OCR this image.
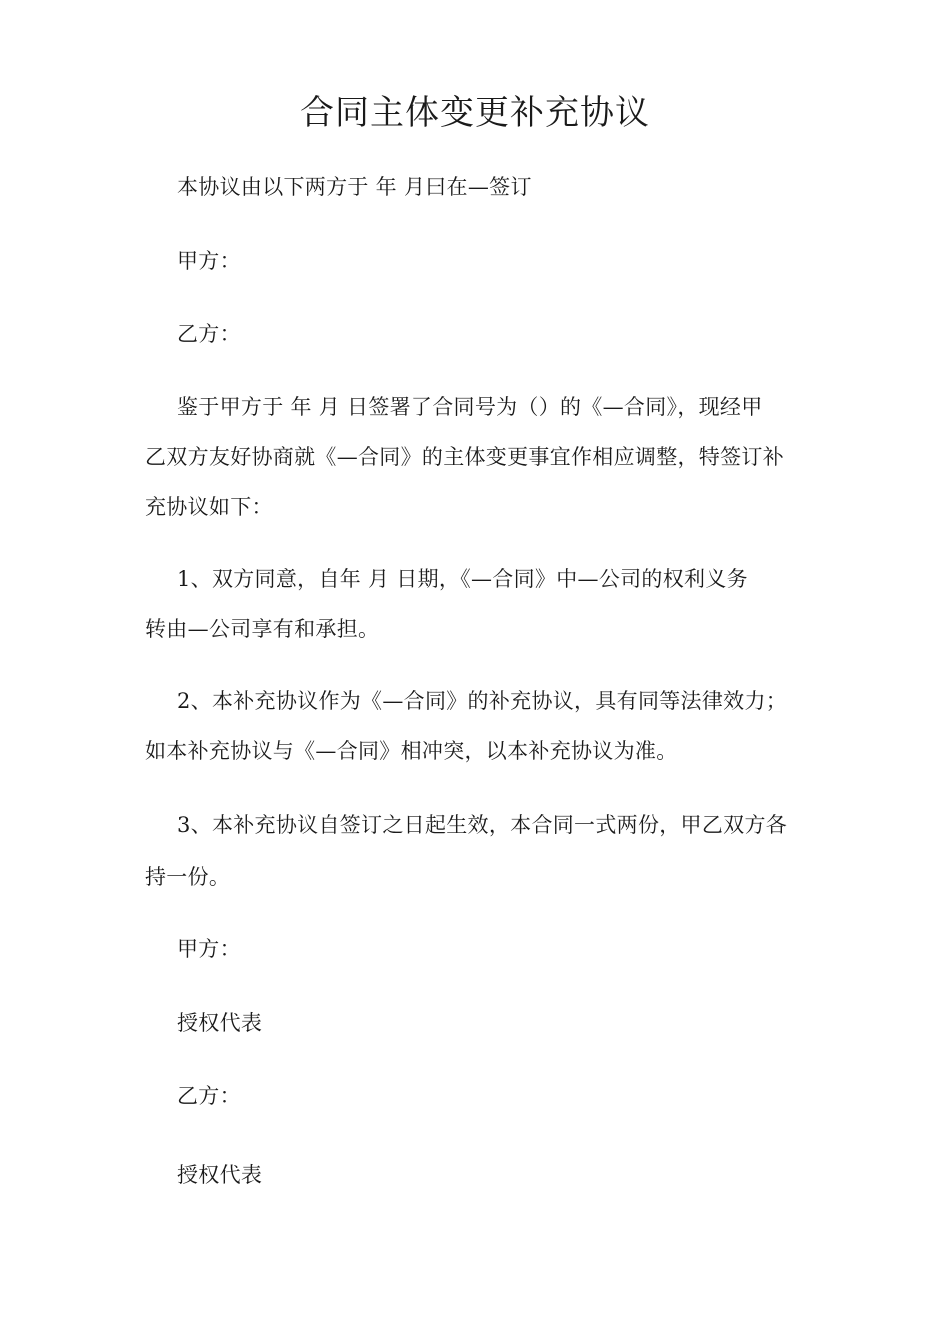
合同主体变更补充协议
本协议由以下两方于 年 月曰在—签订
甲方：
乙方：
鉴于甲方于 年 月 日签署了合同号为（）的《—合同》，现经甲
乙双方友好协商就《—合同》的主体变更事宜作相应调整，特签订补
充协议如下：
1、双方同意，自年 月 日期，《—合同》中—公司的权利义务
转由—公司享有和承担。
2、本补充协议作为《—合同》的补充协议，具有同等法律效力；
如本补充协议与《—合同》相冲突，以本补充协议为准。
3、本补充协议自签订之日起生效，本合同一式两份，甲乙双方各
持一份。
甲方：
授权代表
乙方：
授权代表
